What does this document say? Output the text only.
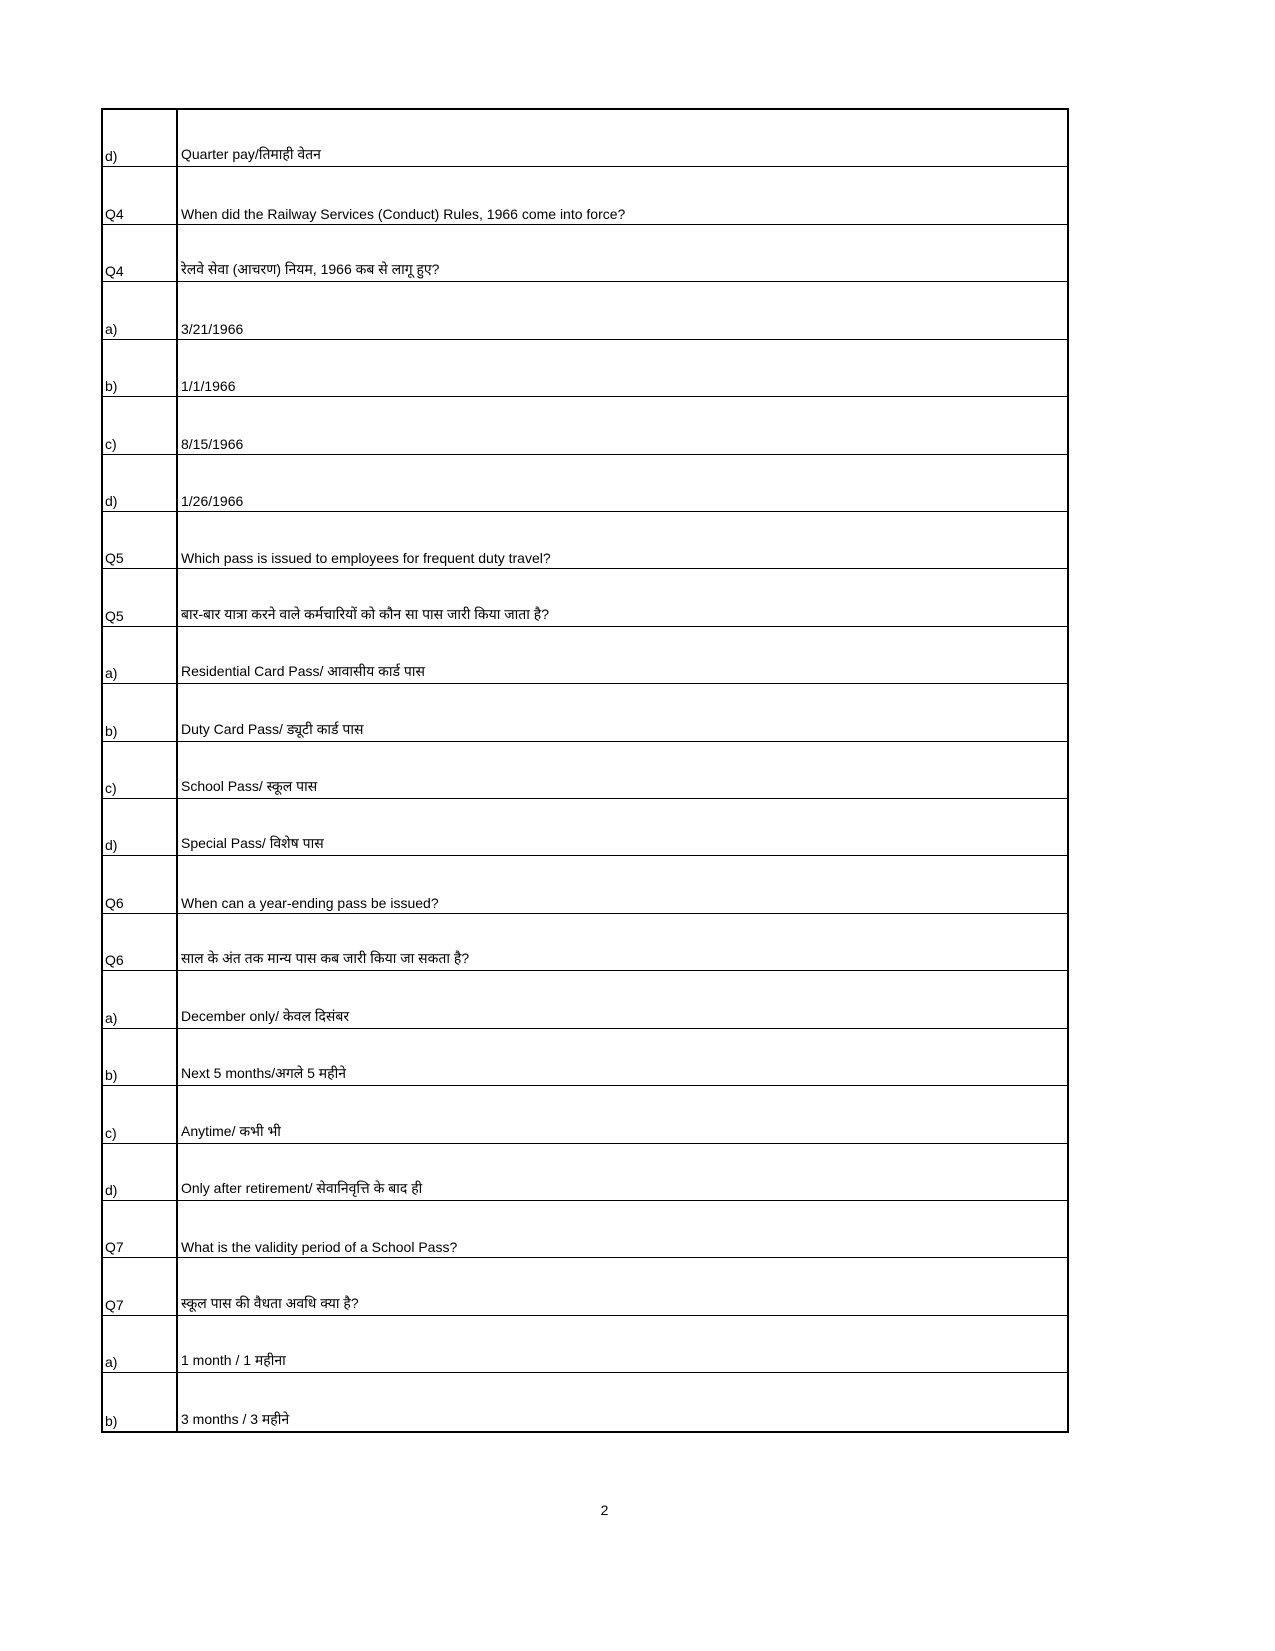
d)	Quarter pay/तिमाही वेतन
Q4	When did the Railway Services (Conduct) Rules, 1966 come into force?
Q4	रेलवे सेवा (आचरण) नियम, 1966 कब से लागू हुए?
a)	3/21/1966
b)	1/1/1966
c)	8/15/1966
d)	1/26/1966
Q5	Which pass is issued to employees for frequent duty travel?
Q5	बार-बार यात्रा करने वाले कर्मचारियों को कौन सा पास जारी किया जाता है?
a)	Residential Card Pass/ आवासीय कार्ड पास
b)	Duty Card Pass/ ड्यूटी कार्ड पास
c)	School Pass/ स्कूल पास
d)	Special Pass/ विशेष पास
Q6	When can a year-ending pass be issued?
Q6	साल के अंत तक मान्य पास कब जारी किया जा सकता है?
a)	December only/ केवल दिसंबर
b)	Next 5 months/अगले 5 महीने
c)	Anytime/ कभी भी
d)	Only after retirement/ सेवानिवृत्ति के बाद ही
Q7	What is the validity period of a School Pass?
Q7	स्कूल पास की वैधता अवधि क्या है?
a)	1 month / 1 महीना
b)	3 months / 3 महीने
2
